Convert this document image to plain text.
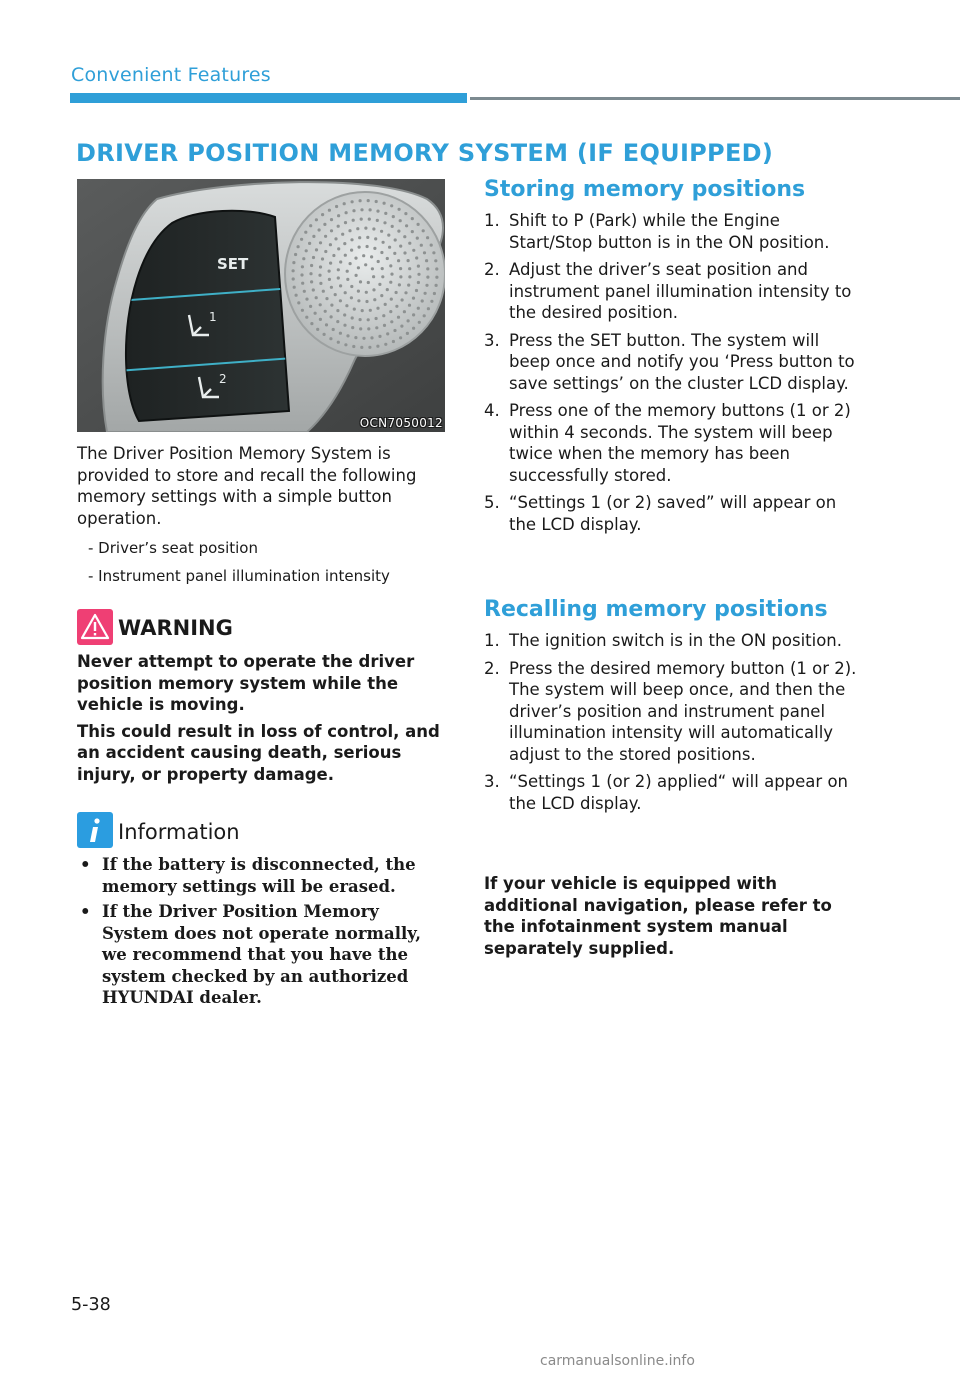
Convenient Features
DRIVER POSITION MEMORY SYSTEM (IF EQUIPPED)
SET
1
2
OCN7050012
The Driver Position Memory System is provided to store and recall the following memory settings with a simple button operation.
- Driver’s seat position
- Instrument panel illumination intensity
WARNING

Never attempt to operate the driver position memory system while the vehicle is moving.

This could result in loss of control, and an accident causing death, serious injury, or property damage.

Information
• If the battery is disconnected, the memory settings will be erased.
• If the Driver Position Memory System does not operate normally, we recommend that you have the system checked by an authorized HYUNDAI dealer.
Storing memory positions
1. Shift to P (Park) while the Engine Start/Stop button is in the ON position.
2. Adjust the driver’s seat position and instrument panel illumination intensity to the desired position.
3. Press the SET button. The system will beep once and notify you ‘Press button to save settings’ on the cluster LCD display.
4. Press one of the memory buttons (1 or 2) within 4 seconds. The system will beep twice when the memory has been successfully stored.
5. “Settings 1 (or 2) saved” will appear on the LCD display.
Recalling memory positions
1. The ignition switch is in the ON position.
2. Press the desired memory button (1 or 2). The system will beep once, and then the driver’s position and instrument panel illumination intensity will automatically adjust to the stored positions.
3. “Settings 1 (or 2) applied“ will appear on the LCD display.
If your vehicle is equipped with additional navigation, please refer to the infotainment system manual separately supplied.
5-38
carmanualsonline.info
